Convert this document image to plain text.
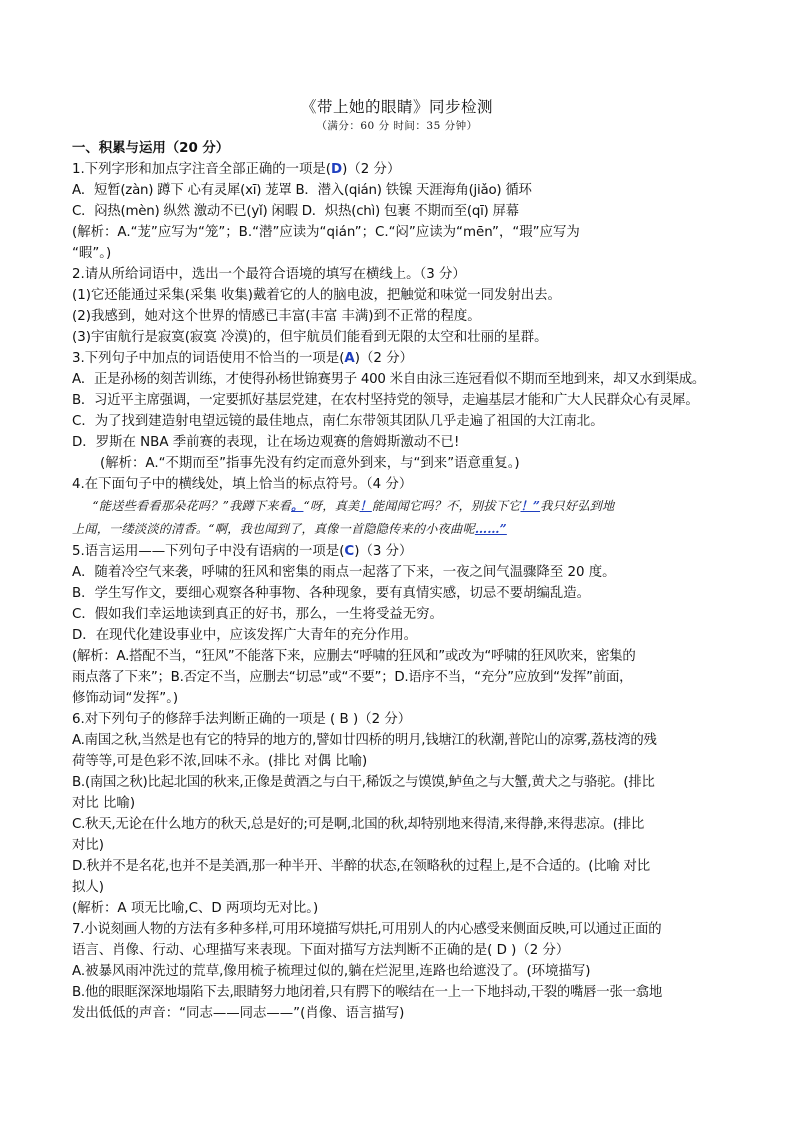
《带上她的眼睛》同步检测

（满分：60 分 时间：35 分钟）

一、积累与运用（20 分）

1.下列字形和加点字注音全部正确的一项是(D)（2 分）

A．短暂(zàn) 蹲下 心有灵犀(xī) 茏罩 B．潜入(qián) 铁镍 天涯海角(jiǎo) 循环

C．闷热(mèn) 纵然 激动不已(yǐ) 闲暇 D．炽热(chì) 包裹 不期而至(qī) 屏幕

(解析：A.“茏”应写为“笼”；B.“潜”应读为“qián”；C.“闷”应读为“mēn”，“瑕”应写为

“暇”。)

2.请从所给词语中，选出一个最符合语境的填写在横线上。（3 分）

(1)它还能通过采集(采集 收集)戴着它的人的脑电波，把触觉和味觉一同发射出去。

(2)我感到，她对这个世界的情感已丰富(丰富 丰满)到不正常的程度。

(3)宇宙航行是寂寞(寂寞 冷漠)的，但宇航员们能看到无限的太空和壮丽的星群。

3.下列句子中加点的词语使用不恰当的一项是(A)（2 分）

A．正是孙杨的刻苦训练，才使得孙杨世锦赛男子 400 米自由泳三连冠看似不期而至地到来，却又水到渠成。

B．习近平主席强调，一定要抓好基层党建，在农村坚持党的领导，走遍基层才能和广大人民群众心有灵犀。

C．为了找到建造射电望远镜的最佳地点，南仁东带领其团队几乎走遍了祖国的大江南北。

D．罗斯在 NBA 季前赛的表现，让在场边观赛的詹姆斯激动不已!

(解析：A.“不期而至”指事先没有约定而意外到来，与“到来”语意重复。)

4.在下面句子中的横线处，填上恰当的标点符号。（4 分）

“能送些看看那朵花吗？”我蹲下来看。“呀，真美！能闻闻它吗？不，别拔下它！”我只好弘到地

上闻，一缕淡淡的清香。“啊，我也闻到了，真像一首隐隐传来的小夜曲呢……”

5.语言运用——下列句子中没有语病的一项是(C)（3 分）

A．随着冷空气来袭，呼啸的狂风和密集的雨点一起落了下来，一夜之间气温骤降至 20 度。

B．学生写作文，要细心观察各种事物、各种现象，要有真情实感，切忌不要胡编乱造。

C．假如我们幸运地读到真正的好书，那么，一生将受益无穷。

D．在现代化建设事业中，应该发挥广大青年的充分作用。

(解析：A.搭配不当，“狂风”不能落下来，应删去“呼啸的狂风和”或改为“呼啸的狂风吹来，密集的

雨点落了下来”；B.否定不当，应删去“切忌”或“不要”；D.语序不当，“充分”应放到“发挥”前面，

修饰动词“发挥”。)

6.对下列句子的修辞手法判断正确的一项是 ( B )（2 分）

A.南国之秋,当然是也有它的特异的地方的,譬如廿四桥的明月,钱塘江的秋潮,普陀山的凉雾,荔枝湾的残

荷等等,可是色彩不浓,回味不永。(排比 对偶 比喻)

B.(南国之秋)比起北国的秋来,正像是黄酒之与白干,稀饭之与馍馍,鲈鱼之与大蟹,黄犬之与骆驼。(排比

对比 比喻)

C.秋天,无论在什么地方的秋天,总是好的;可是啊,北国的秋,却特别地来得清,来得静,来得悲凉。(排比

对比)

D.秋并不是名花,也并不是美酒,那一种半开、半醉的状态,在领略秋的过程上,是不合适的。(比喻 对比

拟人)

(解析：A 项无比喻,C、D 两项均无对比。)

7.小说刻画人物的方法有多种多样,可用环境描写烘托,可用别人的内心感受来侧面反映,可以通过正面的

语言、肖像、行动、心理描写来表现。下面对描写方法判断不正确的是( D )（2 分）

A.被暴风雨冲洗过的荒草,像用梳子梳理过似的,躺在烂泥里,连路也给遮没了。(环境描写)

B.他的眼眶深深地塌陷下去,眼睛努力地闭着,只有腭下的喉结在一上一下地抖动,干裂的嘴唇一张一翕地

发出低低的声音：“同志——同志——”(肖像、语言描写)
